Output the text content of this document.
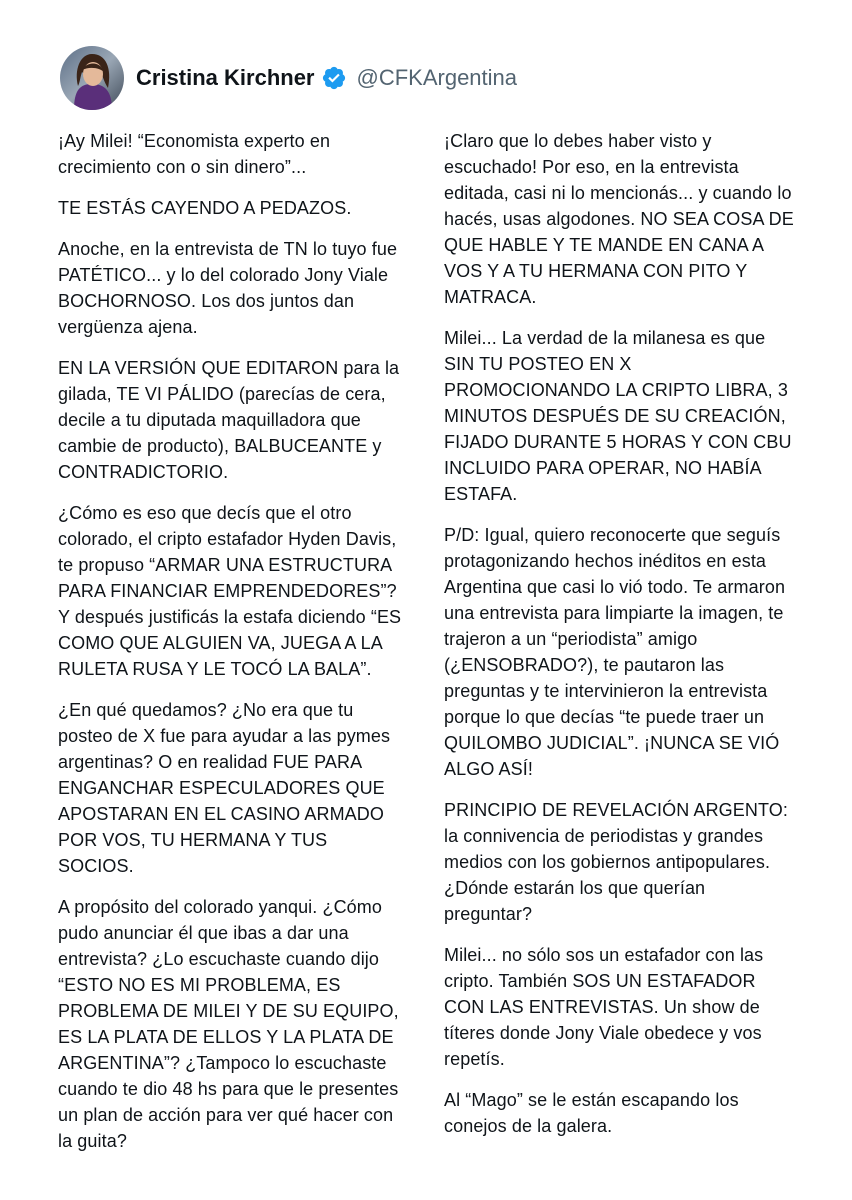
Cristina Kirchner @CFKArgentina

¡Ay Milei! “Economista experto en crecimiento con o sin dinero”...

TE ESTÁS CAYENDO A PEDAZOS.

Anoche, en la entrevista de TN lo tuyo fue PATÉTICO... y lo del colorado Jony Viale BOCHORNOSO. Los dos juntos dan vergüenza ajena.

EN LA VERSIÓN QUE EDITARON para la gilada, TE VI PÁLIDO (parecías de cera, decile a tu diputada maquilladora que cambie de producto), BALBUCEANTE y CONTRADICTORIO.

¿Cómo es eso que decís que el otro colorado, el cripto estafador Hyden Davis, te propuso “ARMAR UNA ESTRUCTURA PARA FINANCIAR EMPRENDEDORES”? Y después justificás la estafa diciendo “ES COMO QUE ALGUIEN VA, JUEGA A LA RULETA RUSA Y LE TOCÓ LA BALA”.

¿En qué quedamos? ¿No era que tu posteo de X fue para ayudar a las pymes argentinas? O en realidad FUE PARA ENGANCHAR ESPECULADORES QUE APOSTARAN EN EL CASINO ARMADO POR VOS, TU HERMANA Y TUS SOCIOS.

A propósito del colorado yanqui. ¿Cómo pudo anunciar él que ibas a dar una entrevista? ¿Lo escuchaste cuando dijo “ESTO NO ES MI PROBLEMA, ES PROBLEMA DE MILEI Y DE SU EQUIPO, ES LA PLATA DE ELLOS Y LA PLATA DE ARGENTINA”? ¿Tampoco lo escuchaste cuando te dio 48 hs para que le presentes un plan de acción para ver qué hacer con la guita?

¡Claro que lo debes haber visto y escuchado! Por eso, en la entrevista editada, casi ni lo mencionás... y cuando lo hacés, usas algodones. NO SEA COSA DE QUE HABLE Y TE MANDE EN CANA A VOS Y A TU HERMANA CON PITO Y MATRACA.

Milei... La verdad de la milanesa es que SIN TU POSTEO EN X PROMOCIONANDO LA CRIPTO LIBRA, 3 MINUTOS DESPUÉS DE SU CREACIÓN, FIJADO DURANTE 5 HORAS Y CON CBU INCLUIDO PARA OPERAR, NO HABÍA ESTAFA.

P/D: Igual, quiero reconocerte que seguís protagonizando hechos inéditos en esta Argentina que casi lo vió todo. Te armaron una entrevista para limpiarte la imagen, te trajeron a un “periodista” amigo (¿ENSOBRADO?), te pautaron las preguntas y te intervinieron la entrevista porque lo que decías “te puede traer un QUILOMBO JUDICIAL”. ¡NUNCA SE VIÓ ALGO ASÍ!

PRINCIPIO DE REVELACIÓN ARGENTO: la connivencia de periodistas y grandes medios con los gobiernos antipopulares. ¿Dónde estarán los que querían preguntar?

Milei... no sólo sos un estafador con las cripto. También SOS UN ESTAFADOR CON LAS ENTREVISTAS. Un show de títeres donde Jony Viale obedece y vos repetís.

Al “Mago” se le están escapando los conejos de la galera.
